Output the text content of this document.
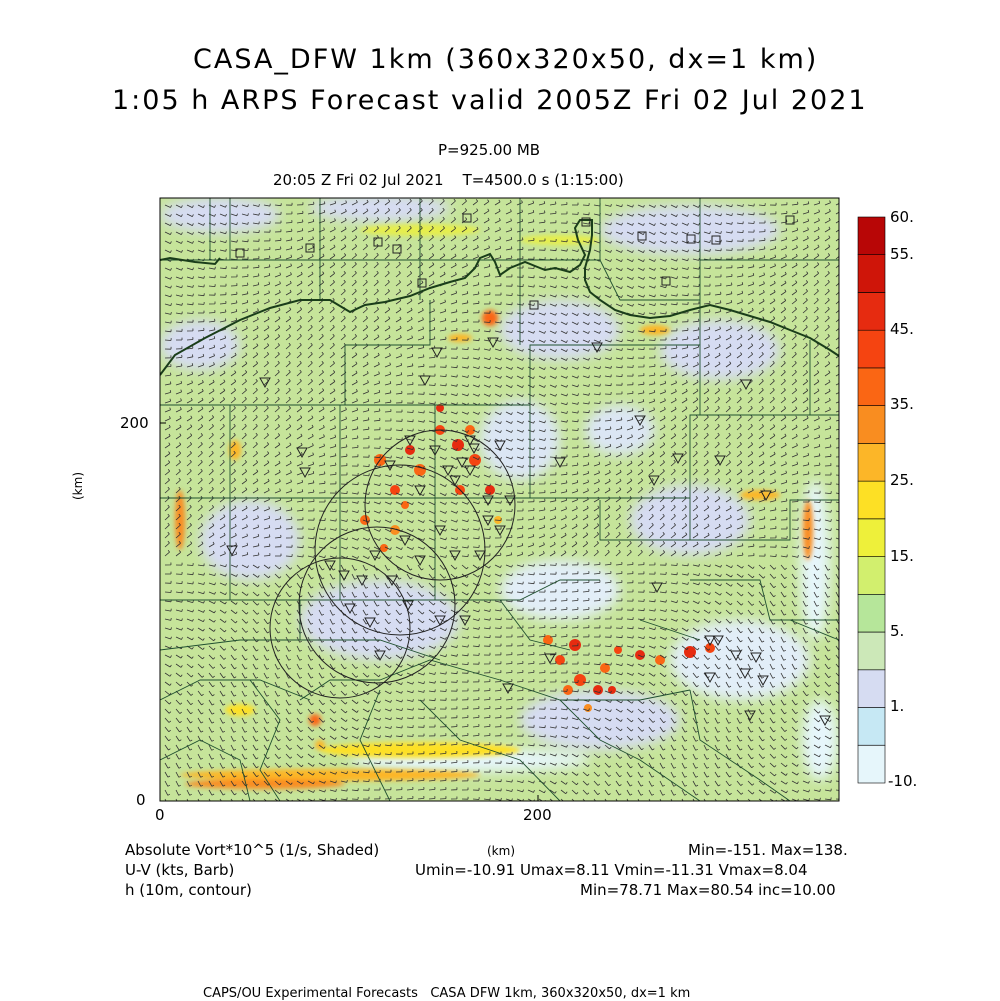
CASA_DFW 1km (360x320x50, dx=1 km)
1:05 h ARPS Forecast valid 2005Z Fri 02 Jul 2021
P=925.00 MB
20:05 Z Fri 02 Jul 2021    T=4500.0 s (1:15:00)
200
0
0	200
(km)
60.
55.
45.
35.
25.
15.
5.
1.
-10.
Absolute Vort*10^5 (1/s, Shaded)	(km)	Min=-151. Max=138.
U-V (kts, Barb)	Umin=-10.91 Umax=8.11 Vmin=-11.31 Vmax=8.04
h (10m, contour)	Min=78.71 Max=80.54 inc=10.00
CAPS/OU Experimental Forecasts   CASA DFW 1km, 360x320x50, dx=1 km
